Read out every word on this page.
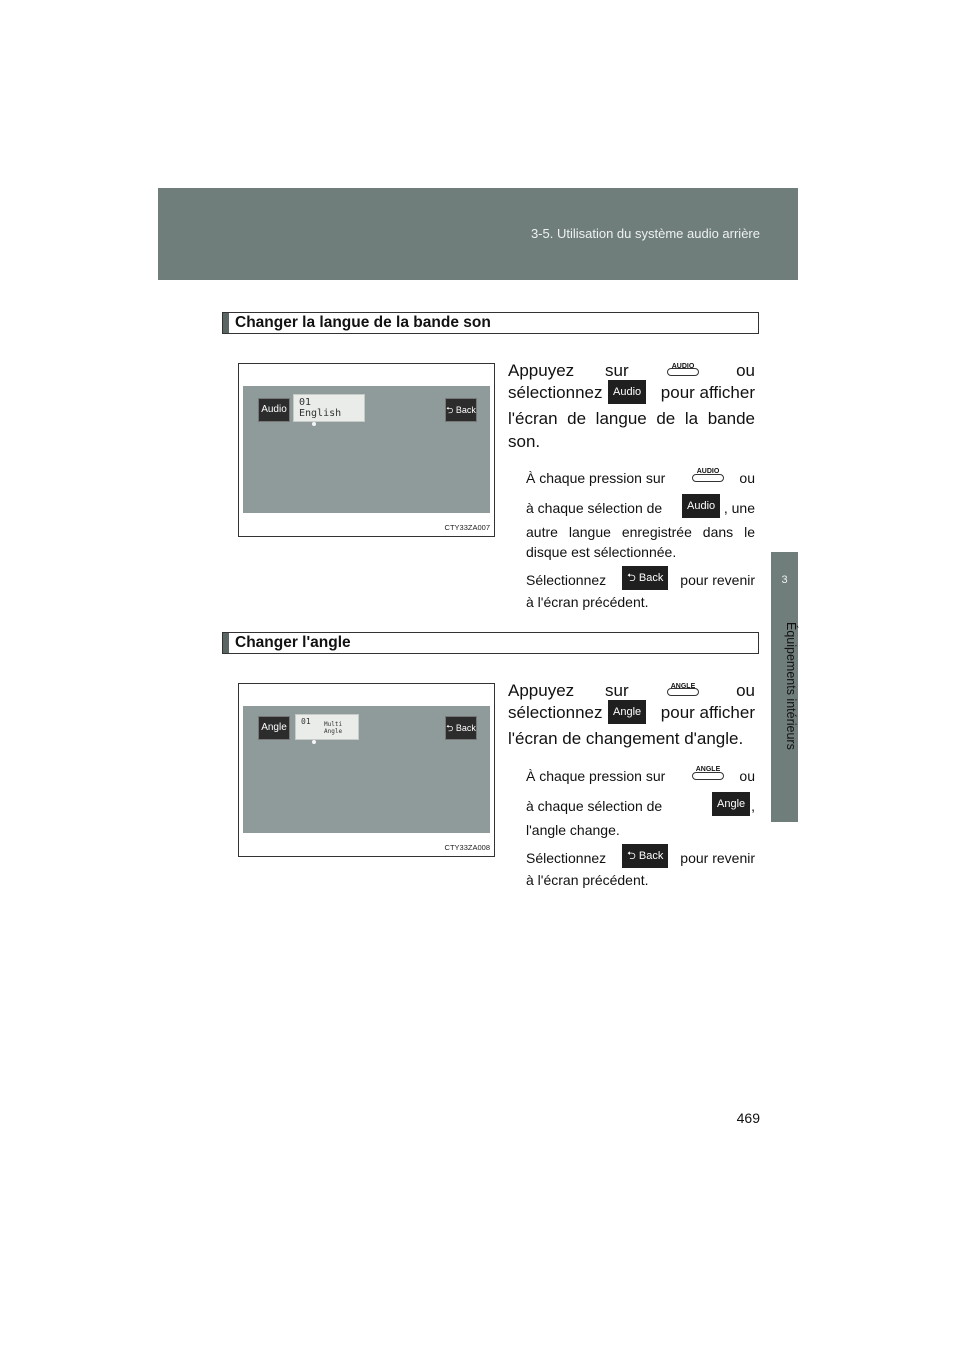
3-5. Utilisation du système audio arrière
3
Équipements intérieurs
Changer la langue de la bande son
Audio
01
English	⮌ Back
CTY33ZA007
Appuyez sur	AUDIO	ou
sélectionnez Audio pour afficher
l'écran de langue de la bande son.
À chaque pression sur	AUDIO	ou
à chaque sélection de	Audio , une
autre langue enregistrée dans le disque est sélectionnée.
Sélectionnez	⮌ Back	pour revenir
à l'écran précédent.
Changer l'angle
Angle
01	Multi Angle	⮌ Back
CTY33ZA008
Appuyez sur	ANGLE	ou
sélectionnez Angle pour afficher
l'écran de changement d'angle.
À chaque pression sur	ANGLE	ou
à chaque sélection de	Angle ,
l'angle change.
Sélectionnez	⮌ Back	pour revenir
à l'écran précédent.
469
